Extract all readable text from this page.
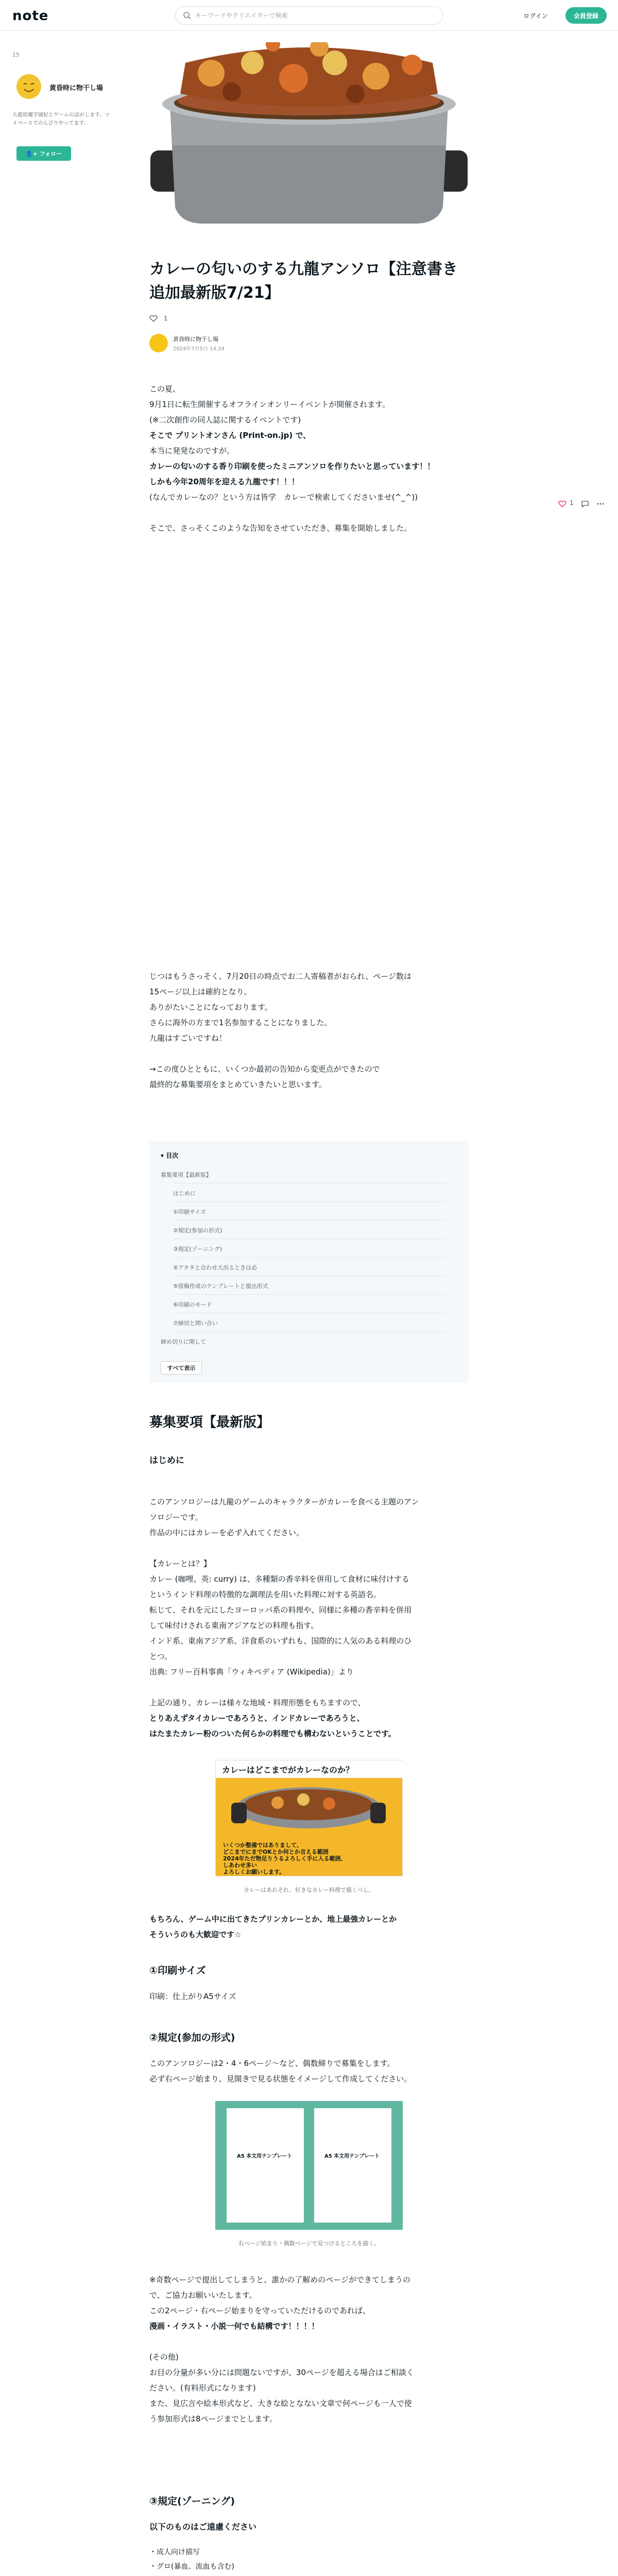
note
キーワードやクリエイターで検索	ログイン	会員登録
15
黄昏時に物干し場
九龍妖魔学園紀とゲームの話がします。マイペースでのんびりやってます。
👤+ フォロー
カレーの匂いのする九龍アンソロ【注意書き追加最新版7/21】
1
黄昏時に物干し場
2024年7月5日 14:24
この夏、
9月1日に転生開催するオフラインオンリーイベントが開催されます。
(※二次創作の同人誌に関するイベントです)
そこで プリントオンさん (Print-on.jp) で、
本当に発発なのですが。
カレーの匂いのする香り印刷を使ったミニアンソロを作りたいと思っています！！
しかも今年20周年を迎える九龍です！！！
(なんでカレーなの？という方は皆学　カレーで検索してくださいませ(^_^))
そこで、さっそくこのような告知をさせていただき、募集を開始しました。
じつはもうさっそく、7月20日の時点でお二人寄稿者がおられ、ページ数は
15ページ以上は確約となり。
ありがたいことになっております。
さらに海外の方まで1名参加することになりました。
九龍はすごいですね！
→この度ひとともに、いくつか最初の告知から変更点ができたので
最終的な募集要項をまとめていきたいと思います。
1
▾ 目次
募集要項【最新版】
はじめに
①印刷サイズ
②規定(参加の形式)
③規定(ゾーニング)
④アタタと合わせ大出るときは必
⑤原稿作成のテンプレートと提出形式
⑥印刷のモード
⑦締切と問い合い
締め切りに関して
すべて表示
募集要項【最新版】
はじめに
このアンソロジーは九龍のゲームのキャラクターがカレーを食べる主題のアン
ソロジーです。
作品の中にはカレーを必ず入れてください。
【カレーとは？】
カレー (咖哩、英: curry) は、多種類の香辛料を併用して食材に味付けする
というインド料理の特徴的な調理法を用いた料理に対する英語名。
転じて、それを元にしたヨーロッパ系の料理や、同様に多種の香辛料を併用
して味付けされる東南アジアなどの料理も指す。
インド系、東南アジア系、洋食系のいずれも、国際的に人気のある料理のひ
とつ。
出典: フリー百科事典「ウィキペディア (Wikipedia)」より
上記の通り、カレーは様々な地域・料理形態をもちますので、
とりあえずタイカレーであろうと、インドカレーであろうと、
はたまたカレー粉のついた何らかの料理でも構わないということです。
カレーはどこまでがカレーなのか？
いくつか整備ではありまして、
どこまでにまでOKとか何とか言える範囲
2024年ただ物足りうるよろしく手に入る範囲、
しあわせ多い
よろしくお願いします。
カレーはあれそれ、好きなカレー料理で描くべし。
もちろん、ゲーム中に出てきたプリンカレーとか、地上最強カレーとか
そういうのも大歓迎です☆
①印刷サイズ
印刷：仕上がりA5サイズ
②規定(参加の形式)
このアンソロジーは2・4・6ページ〜など、偶数締りで募集をします。
必ず右ページ始まり、見開きで見る状態をイメージして作成してください。
A5 本文用テンプレート	A5 本文用テンプレート
右ページ始まり・偶数ページで見つけるところを描く。
※奇数ページで提出してしまうと、誰かの了解めのページができてしまうの
で、ご協力お願いいたします。
この2ページ・右ページ始まりを守っていただけるのであれば、
漫画・イラスト・小説一何でも結構です！！！！
(その他)
お目の分量が多い分には問題ないですが、30ページを超える場合はご相談く
ださい。(有料形式になります)
また、見広言や絵本形式など、大きな絵となない文章で何ページも一人で使
う参加形式は8ページまでとします。
③規定(ゾーニング)
以下のものはご遠慮ください
・成人向け描写
・グロ(暴血、流血も含む)
